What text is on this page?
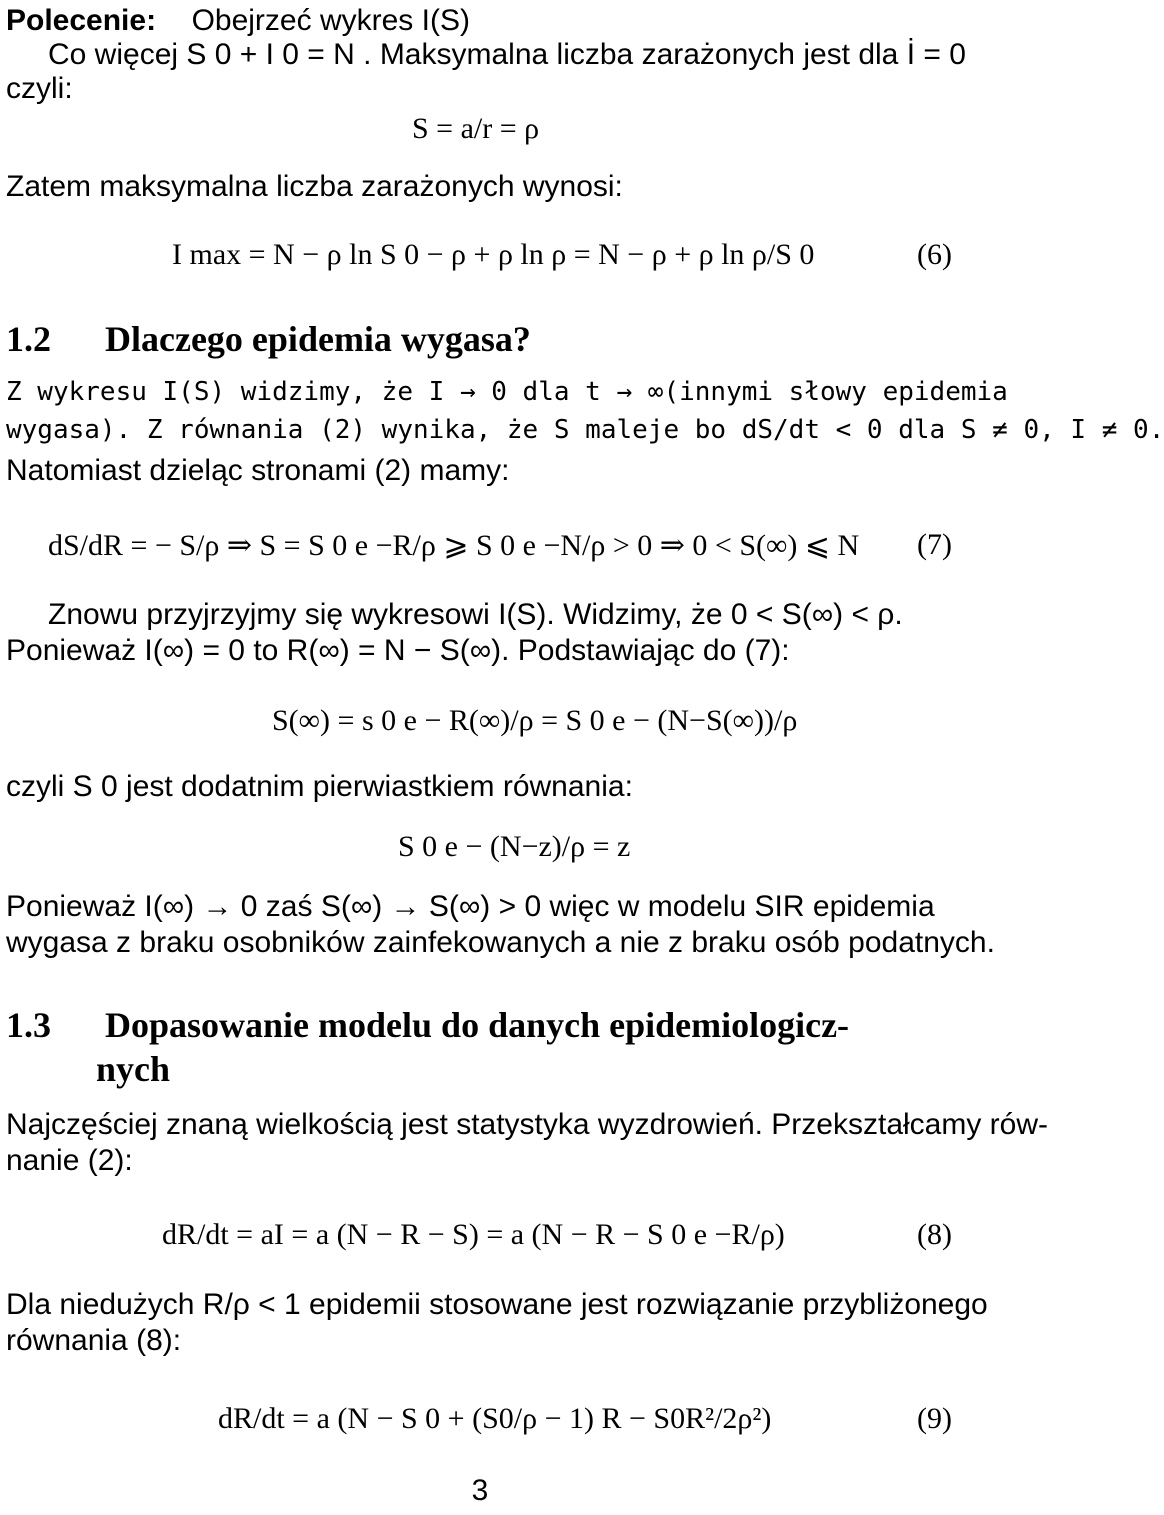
Polecenie: Obejrzeć wykres I(S)
Co więcej S 0 + I 0 = N . Maksymalna liczba zarażonych jest dla İ = 0
czyli:
S = a/r = ρ
Zatem maksymalna liczba zarażonych wynosi:
I max = N − ρ ln S 0 − ρ + ρ ln ρ = N − ρ + ρ ln ρ/S 0	(6)
1.2 Dlaczego epidemia wygasa?
Z wykresu I(S) widzimy, że I → 0 dla t → ∞ (innymi słowy epidemia
wygasa). Z równania (2) wynika, że S maleje bo dS/dt < 0 dla S ≠ 0, I ≠ 0.
Natomiast dzieląc stronami (2) mamy:
dS/dR = − S/ρ ⇒ S = S 0 e −R/ρ ⩾ S 0 e −N/ρ > 0 ⇒ 0 < S(∞) ⩽ N (7)
Znowu przyjrzyjmy się wykresowi I(S). Widzimy, że 0 < S(∞) < ρ.
Ponieważ I(∞) = 0 to R(∞) = N − S(∞). Podstawiając do (7):
S(∞) = s 0 e − R(∞)/ρ = S 0 e − (N−S(∞))/ρ
czyli S 0 jest dodatnim pierwiastkiem równania:
S 0 e − (N−z)/ρ = z
Ponieważ I(∞) → 0 zaś S(∞) → S(∞) > 0 więc w modelu SIR epidemia
wygasa z braku osobników zainfekowanych a nie z braku osób podatnych.
1.3 Dopasowanie modelu do danych epidemiologicz-
nych
Najczęściej znaną wielkością jest statystyka wyzdrowień. Przekształcamy rów-
nanie (2):
dR/dt = aI = a (N − R − S) = a (N − R − S 0 e −R/ρ)	(8)
Dla niedużych R/ρ < 1 epidemii stosowane jest rozwiązanie przybliżonego
równania (8):
dR/dt = a (N − S 0 + (S0/ρ − 1) R − S0R²/2ρ²)	(9)
3
